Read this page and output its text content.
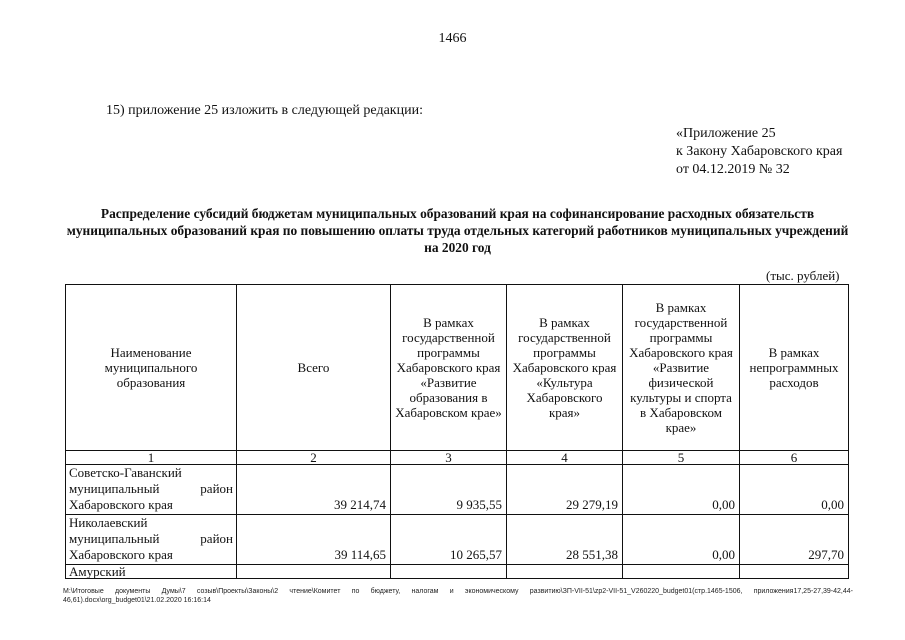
1466
15) приложение 25 изложить в следующей редакции:
«Приложение 25
к Закону Хабаровского края
от 04.12.2019 № 32
Распределение субсидий бюджетам муниципальных образований края на софинансирование расходных обязательств муниципальных образований края по повышению оплаты труда отдельных категорий работников муниципальных учреждений на 2020 год
(тыс. рублей)
Наименование муниципального образования	Всего	В рамках государственной программы Хабаровского края «Развитие образования в Хабаровском крае»	В рамках государственной программы Хабаровского края «Культура Хабаровского края»	В рамках государственной программы Хабаровского края «Развитие физической культуры и спорта в Хабаровском крае»	В рамках непрограммных расходов
1	2	3	4	5	6
Советско-Гаванский муниципальный район Хабаровского края	39 214,74	9 935,55	29 279,19	0,00	0,00
Николаевский муниципальный район Хабаровского края	39 114,65	10 265,57	28 551,38	0,00	297,70
Амурский					
M:\Итоговые документы Думы\7 созыв\Проекты\Законы\2 чтение\Комитет по бюджету, налогам и экономическому развитию\ЗП-VII-51\zp2-VII-51_V260220_budget01(стр.1465-1506, приложения17,25-27,39-42,44-46,61).docx\org_budget01\21.02.2020 16:16:14
